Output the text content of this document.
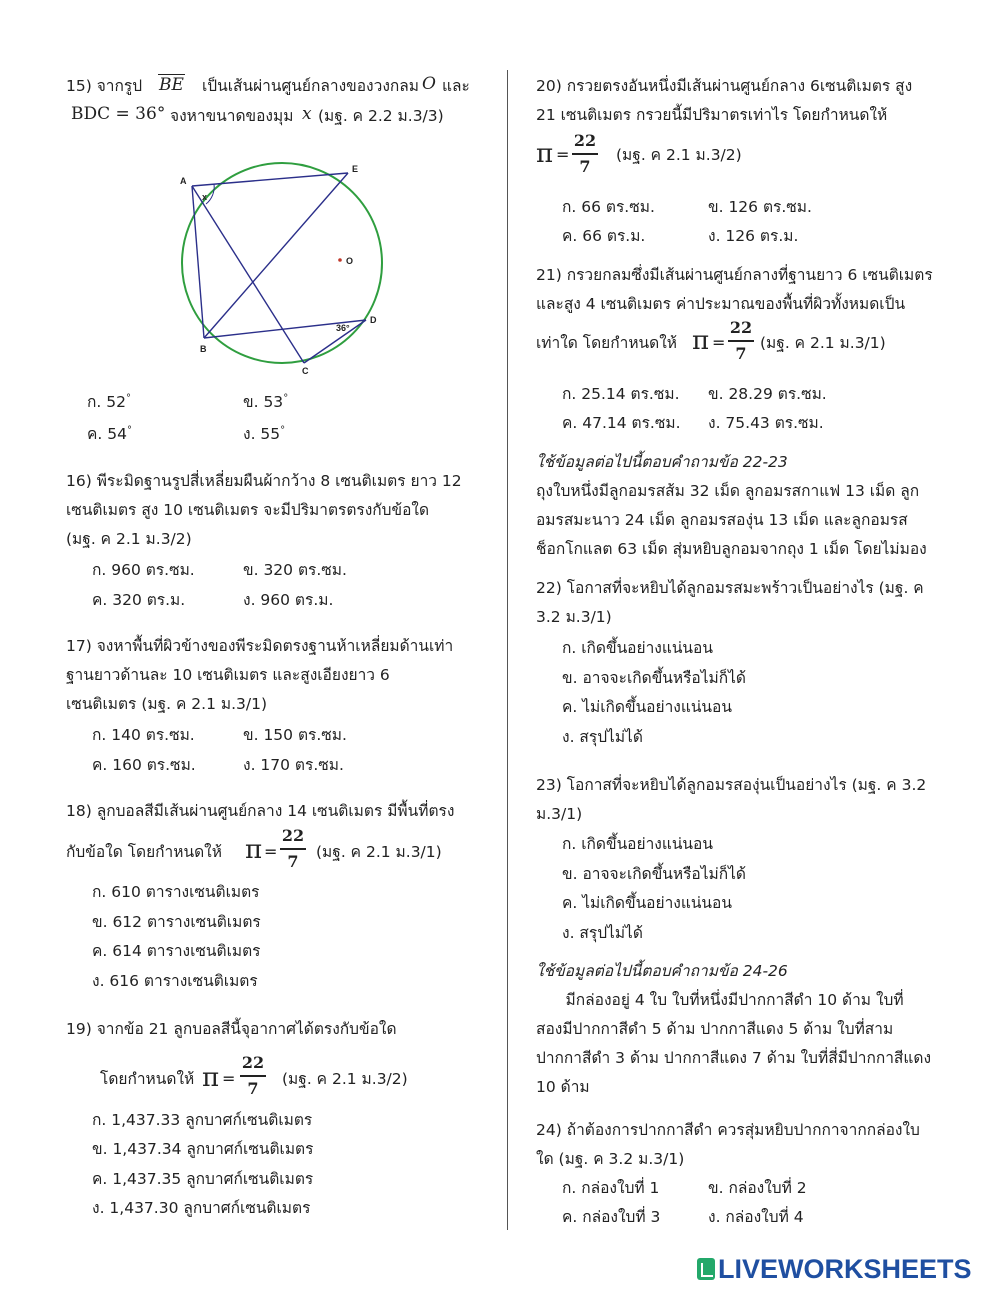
15) จากรูป BE เป็นเส้นผ่านศูนย์กลางของวงกลม O และ
BDC = 36° จงหาขนาดของมุม x (มฐ. ค 2.2 ม.3/3)
A
E
O
B
D
C
x
36°
ก. 52°	ข. 53°
ค. 54°	ง. 55°
16) พีระมิดฐานรูปสี่เหลี่ยมผืนผ้ากว้าง 8 เซนติเมตร ยาว 12
เซนติเมตร สูง 10 เซนติเมตร จะมีปริมาตรตรงกับข้อใด
(มฐ. ค 2.1 ม.3/2)
ก. 960 ตร.ซม.	ข. 320 ตร.ซม.
ค. 320 ตร.ม.	ง. 960 ตร.ม.
17) จงหาพื้นที่ผิวข้างของพีระมิดตรงฐานห้าเหลี่ยมด้านเท่า
ฐานยาวด้านละ 10 เซนติเมตร และสูงเอียงยาว 6
เซนติเมตร (มฐ. ค 2.1 ม.3/1)
ก. 140 ตร.ซม.	ข. 150 ตร.ซม.
ค. 160 ตร.ซม.	ง. 170 ตร.ซม.
18) ลูกบอลสีมีเส้นผ่านศูนย์กลาง 14 เซนติเมตร มีพื้นที่ตรง
กับข้อใด โดยกำหนดให้ π =
22
7	(มฐ. ค 2.1 ม.3/1)
ก. 610 ตารางเซนติเมตร
ข. 612 ตารางเซนติเมตร
ค. 614 ตารางเซนติเมตร
ง. 616 ตารางเซนติเมตร
19) จากข้อ 21 ลูกบอลสีนี้จุอากาศได้ตรงกับข้อใด
โดยกำหนดให้ π =
22
7	(มฐ. ค 2.1 ม.3/2)
ก. 1,437.33 ลูกบาศก์เซนติเมตร
ข. 1,437.34 ลูกบาศก์เซนติเมตร
ค. 1,437.35 ลูกบาศก์เซนติเมตร
ง. 1,437.30 ลูกบาศก์เซนติเมตร
20) กรวยตรงอันหนึ่งมีเส้นผ่านศูนย์กลาง 6เซนติเมตร สูง
21 เซนติเมตร กรวยนี้มีปริมาตรเท่าไร โดยกำหนดให้
π =
22
7
(มฐ. ค 2.1 ม.3/2)
ก. 66 ตร.ซม.	ข. 126 ตร.ซม.
ค. 66 ตร.ม.	ง. 126 ตร.ม.
21) กรวยกลมซึ่งมีเส้นผ่านศูนย์กลางที่ฐานยาว 6 เซนติเมตร
และสูง 4 เซนติเมตร ค่าประมาณของพื้นที่ผิวทั้งหมดเป็น
เท่าใด โดยกำหนดให้ π =
22
7
(มฐ. ค 2.1 ม.3/1)
ก. 25.14 ตร.ซม. ข. 28.29 ตร.ซม.
ค. 47.14 ตร.ซม. ง. 75.43 ตร.ซม.
ใช้ข้อมูลต่อไปนี้ตอบคำถามข้อ 22-23
ถุงใบหนึ่งมีลูกอมรสส้ม 32 เม็ด ลูกอมรสกาแฟ 13 เม็ด ลูก
อมรสมะนาว 24 เม็ด ลูกอมรสองุ่น 13 เม็ด และลูกอมรส
ช็อกโกแลต 63 เม็ด สุ่มหยิบลูกอมจากถุง 1 เม็ด โดยไม่มอง
22) โอกาสที่จะหยิบได้ลูกอมรสมะพร้าวเป็นอย่างไร (มฐ. ค
3.2 ม.3/1)
ก. เกิดขึ้นอย่างแน่นอน
ข. อาจจะเกิดขึ้นหรือไม่ก็ได้
ค. ไม่เกิดขึ้นอย่างแน่นอน
ง. สรุปไม่ได้
23) โอกาสที่จะหยิบได้ลูกอมรสองุ่นเป็นอย่างไร (มฐ. ค 3.2
ม.3/1)
ก. เกิดขึ้นอย่างแน่นอน
ข. อาจจะเกิดขึ้นหรือไม่ก็ได้
ค. ไม่เกิดขึ้นอย่างแน่นอน
ง. สรุปไม่ได้
ใช้ข้อมูลต่อไปนี้ตอบคำถามข้อ 24-26
มีกล่องอยู่ 4 ใบ ใบที่หนึ่งมีปากกาสีดำ 10 ด้าม ใบที่
สองมีปากกาสีดำ 5 ด้าม ปากกาสีแดง 5 ด้าม ใบที่สาม
ปากกาสีดำ 3 ด้าม ปากกาสีแดง 7 ด้าม ใบที่สี่มีปากกาสีแดง
10 ด้าม
24) ถ้าต้องการปากกาสีดำ ควรสุ่มหยิบปากกาจากกล่องใบ
ใด (มฐ. ค 3.2 ม.3/1)
ก. กล่องใบที่ 1	ข. กล่องใบที่ 2
ค. กล่องใบที่ 3	ง. กล่องใบที่ 4
LIVEWORKSHEETS
